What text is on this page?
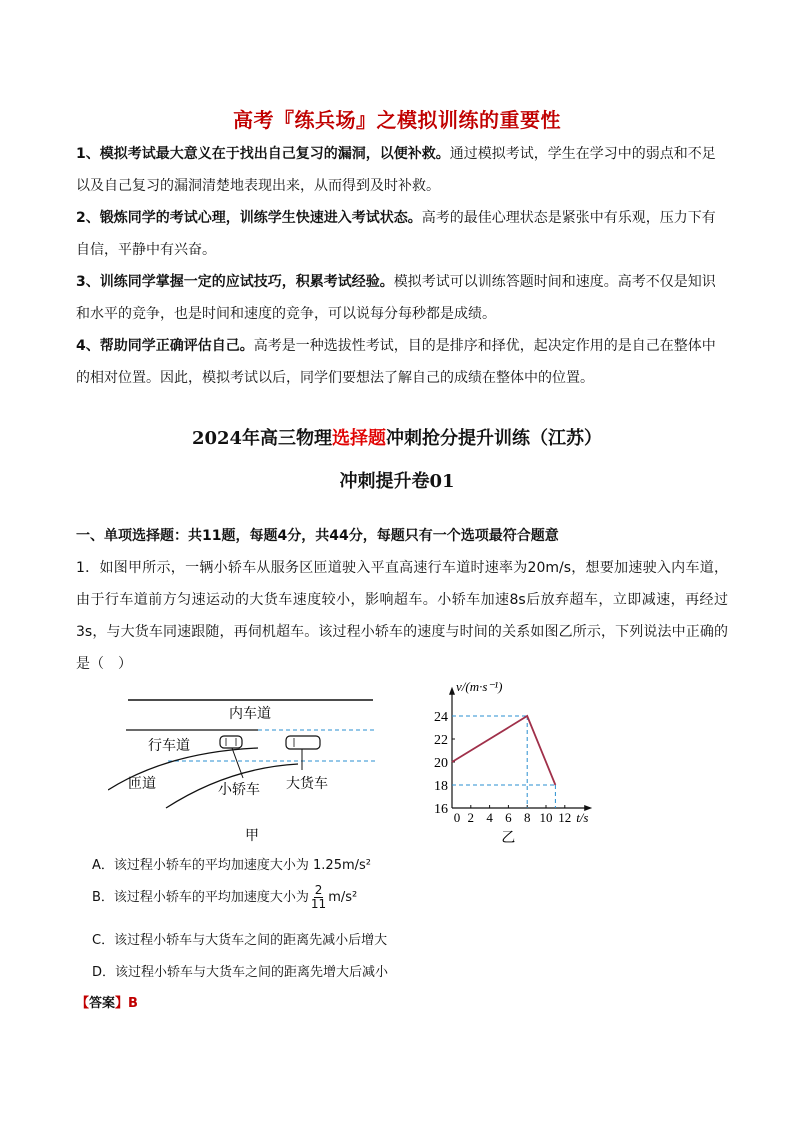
高考『练兵场』之模拟训练的重要性
1、模拟考试最大意义在于找出自己复习的漏洞，以便补救。通过模拟考试，学生在学习中的弱点和不足以及自己复习的漏洞清楚地表现出来，从而得到及时补救。
2、锻炼同学的考试心理，训练学生快速进入考试状态。高考的最佳心理状态是紧张中有乐观，压力下有自信，平静中有兴奋。
3、训练同学掌握一定的应试技巧，积累考试经验。模拟考试可以训练答题时间和速度。高考不仅是知识和水平的竞争，也是时间和速度的竞争，可以说每分每秒都是成绩。
4、帮助同学正确评估自己。高考是一种选拔性考试，目的是排序和择优，起决定作用的是自己在整体中的相对位置。因此，模拟考试以后，同学们要想法了解自己的成绩在整体中的位置。
2024年高三物理选择题冲刺抢分提升训练（江苏）
冲刺提升卷01
一、单项选择题：共11题，每题4分，共44分，每题只有一个选项最符合题意
1．如图甲所示，一辆小轿车从服务区匝道驶入平直高速行车道时速率为20m/s，想要加速驶入内车道，由于行车道前方匀速运动的大货车速度较小，影响超车。小轿车加速8s后放弃超车，立即减速，再经过3s，与大货车同速跟随，再伺机超车。该过程小轿车的速度与时间的关系如图乙所示，下列说法中正确的是（　）
内车道
行车道
匝道	小轿车 大货车
甲
16
18
20
22
24
0 2 4 6 8 10 12
v/(m·s⁻¹)
t/s
乙
A．该过程小轿车的平均加速度大小为 1.25m/s²
B．该过程小轿车的平均加速度大小为 $\frac{2}{11} m/s^2$
C．该过程小轿车与大货车之间的距离先减小后增大
D．该过程小轿车与大货车之间的距离先增大后减小
【答案】B
